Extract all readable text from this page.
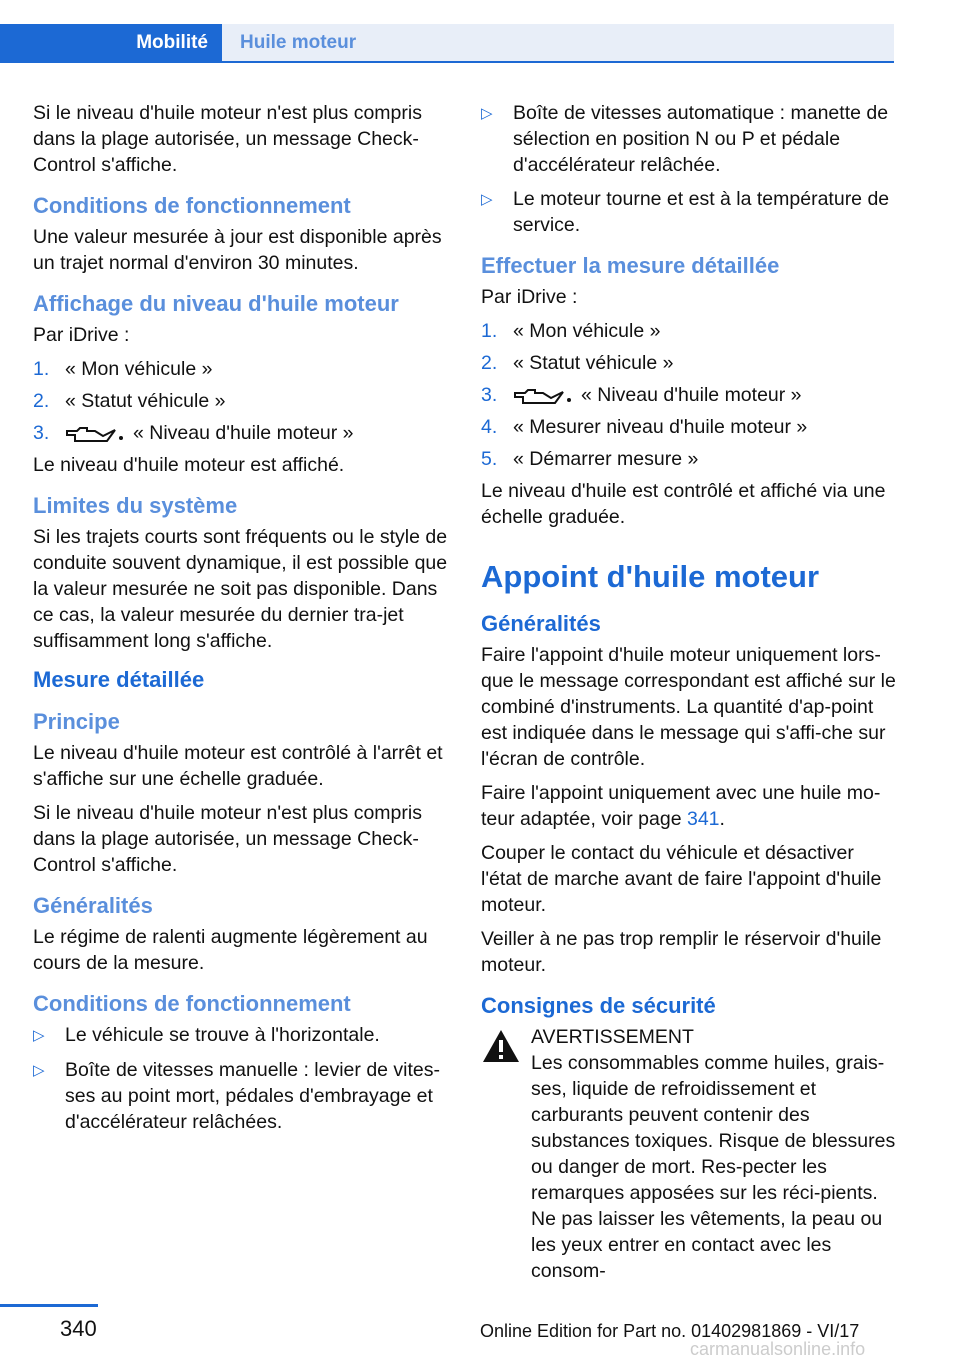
Mobilité	Huile moteur

Si le niveau d'huile moteur n'est plus compris dans la plage autorisée, un message Check-Control s'affiche.

Conditions de fonctionnement

Une valeur mesurée à jour est disponible après un trajet normal d'environ 30 minutes.

Affichage du niveau d'huile moteur

Par iDrive :

1. « Mon véhicule »
2. « Statut véhicule »
3.	« Niveau d'huile moteur »

Le niveau d'huile moteur est affiché.

Limites du système

Si les trajets courts sont fréquents ou le style de conduite souvent dynamique, il est possible que la valeur mesurée ne soit pas disponible. Dans ce cas, la valeur mesurée du dernier tra-jet suffisamment long s'affiche.

Mesure détaillée
Principe

Le niveau d'huile moteur est contrôlé à l'arrêt et s'affiche sur une échelle graduée.

Si le niveau d'huile moteur n'est plus compris dans la plage autorisée, un message Check-Control s'affiche.

Généralités

Le régime de ralenti augmente légèrement au cours de la mesure.

Conditions de fonctionnement
▷	Le véhicule se trouve à l'horizontale.
▷	Boîte de vitesses manuelle : levier de vites-ses au point mort, pédales d'embrayage et d'accélérateur relâchées.
▷	Boîte de vitesses automatique : manette de sélection en position N ou P et pédale d'accélérateur relâchée.
▷	Le moteur tourne et est à la température de service.
Effectuer la mesure détaillée

Par iDrive :

1. « Mon véhicule »
2. « Statut véhicule »
3.	« Niveau d'huile moteur »
4. « Mesurer niveau d'huile moteur »
5. « Démarrer mesure »

Le niveau d'huile est contrôlé et affiché via une échelle graduée.

Appoint d'huile moteur
Généralités

Faire l'appoint d'huile moteur uniquement lors-que le message correspondant est affiché sur le combiné d'instruments. La quantité d'ap-point est indiquée dans le message qui s'affi-che sur l'écran de contrôle.

Faire l'appoint uniquement avec une huile mo-teur adaptée, voir page 341.

Couper le contact du véhicule et désactiver l'état de marche avant de faire l'appoint d'huile moteur.

Veiller à ne pas trop remplir le réservoir d'huile moteur.

Consignes de sécurité

AVERTISSEMENT

Les consommables comme huiles, grais-ses, liquide de refroidissement et carburants peuvent contenir des substances toxiques. Risque de blessures ou danger de mort. Res-pecter les remarques apposées sur les réci-pients. Ne pas laisser les vêtements, la peau ou les yeux entrer en contact avec les consom-

340	Online Edition for Part no. 01402981869 - VI/17
carmanualsonline.info
